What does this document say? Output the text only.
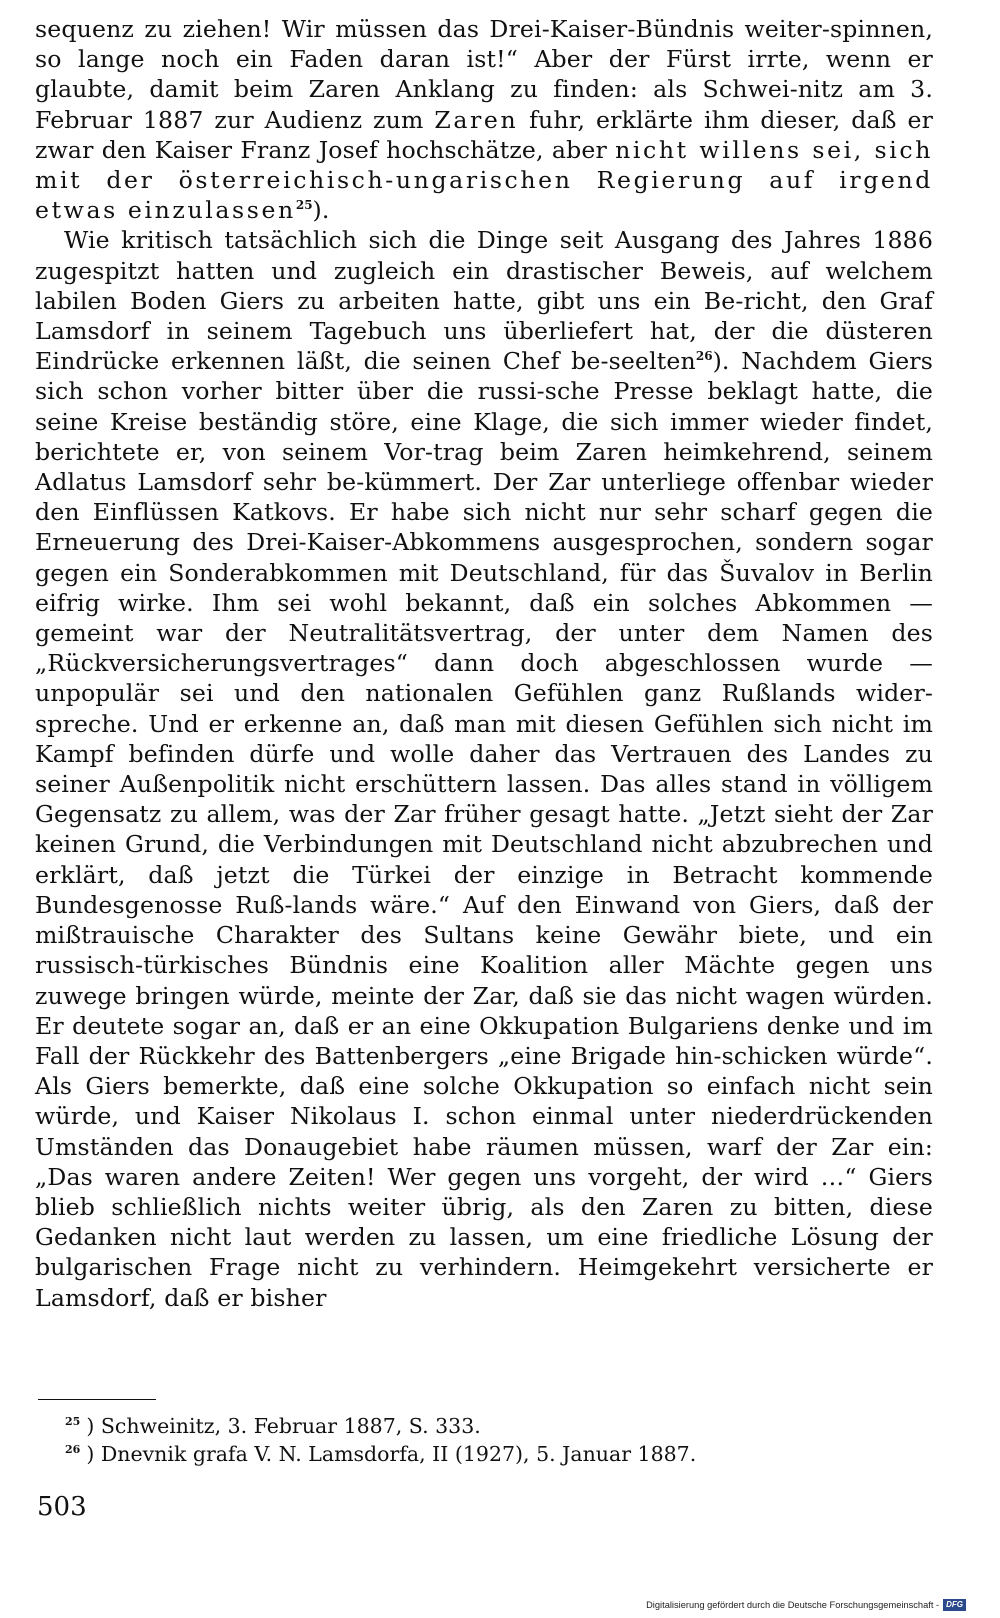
sequenz zu ziehen! Wir müssen das Drei-Kaiser-Bündnis weiter-spinnen, so lange noch ein Faden daran ist!“ Aber der Fürst irrte, wenn er glaubte, damit beim Zaren Anklang zu finden: als Schwei-nitz am 3. Februar 1887 zur Audienz zum Zaren fuhr, erklärte ihm dieser, daß er zwar den Kaiser Franz Josef hochschätze, aber nicht willens sei, sich mit der österreichisch-ungarischen Regierung auf irgend etwas einzulassen$^{25}$).

Wie kritisch tatsächlich sich die Dinge seit Ausgang des Jahres 1886 zugespitzt hatten und zugleich ein drastischer Beweis, auf welchem labilen Boden Giers zu arbeiten hatte, gibt uns ein Be-richt, den Graf Lamsdorf in seinem Tagebuch uns überliefert hat, der die düsteren Eindrücke erkennen läßt, die seinen Chef be-seelten$^{26}$). Nachdem Giers sich schon vorher bitter über die russi-sche Presse beklagt hatte, die seine Kreise beständig störe, eine Klage, die sich immer wieder findet, berichtete er, von seinem Vor-trag beim Zaren heimkehrend, seinem Adlatus Lamsdorf sehr be-kümmert. Der Zar unterliege offenbar wieder den Einflüssen Katkovs. Er habe sich nicht nur sehr scharf gegen die Erneuerung des Drei-Kaiser-Abkommens ausgesprochen, sondern sogar gegen ein Sonderabkommen mit Deutschland, für das Šuvalov in Berlin eifrig wirke. Ihm sei wohl bekannt, daß ein solches Abkommen — gemeint war der Neutralitätsvertrag, der unter dem Namen des „Rückversicherungsvertrages“ dann doch abgeschlossen wurde — unpopulär sei und den nationalen Gefühlen ganz Rußlands wider-spreche. Und er erkenne an, daß man mit diesen Gefühlen sich nicht im Kampf befinden dürfe und wolle daher das Vertrauen des Landes zu seiner Außenpolitik nicht erschüttern lassen. Das alles stand in völligem Gegensatz zu allem, was der Zar früher gesagt hatte. „Jetzt sieht der Zar keinen Grund, die Verbindungen mit Deutschland nicht abzubrechen und erklärt, daß jetzt die Türkei der einzige in Betracht kommende Bundesgenosse Ruß-lands wäre.“ Auf den Einwand von Giers, daß der mißtrauische Charakter des Sultans keine Gewähr biete, und ein russisch-türkisches Bündnis eine Koalition aller Mächte gegen uns zuwege bringen würde, meinte der Zar, daß sie das nicht wagen würden. Er deutete sogar an, daß er an eine Okkupation Bulgariens denke und im Fall der Rückkehr des Battenbergers „eine Brigade hin-schicken würde“. Als Giers bemerkte, daß eine solche Okkupation so einfach nicht sein würde, und Kaiser Nikolaus I. schon einmal unter niederdrückenden Umständen das Donaugebiet habe räumen müssen, warf der Zar ein: „Das waren andere Zeiten! Wer gegen uns vorgeht, der wird …“ Giers blieb schließlich nichts weiter übrig, als den Zaren zu bitten, diese Gedanken nicht laut werden zu lassen, um eine friedliche Lösung der bulgarischen Frage nicht zu verhindern. Heimgekehrt versicherte er Lamsdorf, daß er bisher

$^{25}$ ) Schweinitz, 3. Februar 1887, S. 333.
$^{26}$ ) Dnevnik grafa V. N. Lamsdorfa, II (1927), 5. Januar 1887.
503
Digitalisierung gefördert durch die Deutsche Forschungsgemeinschaft - DFG
